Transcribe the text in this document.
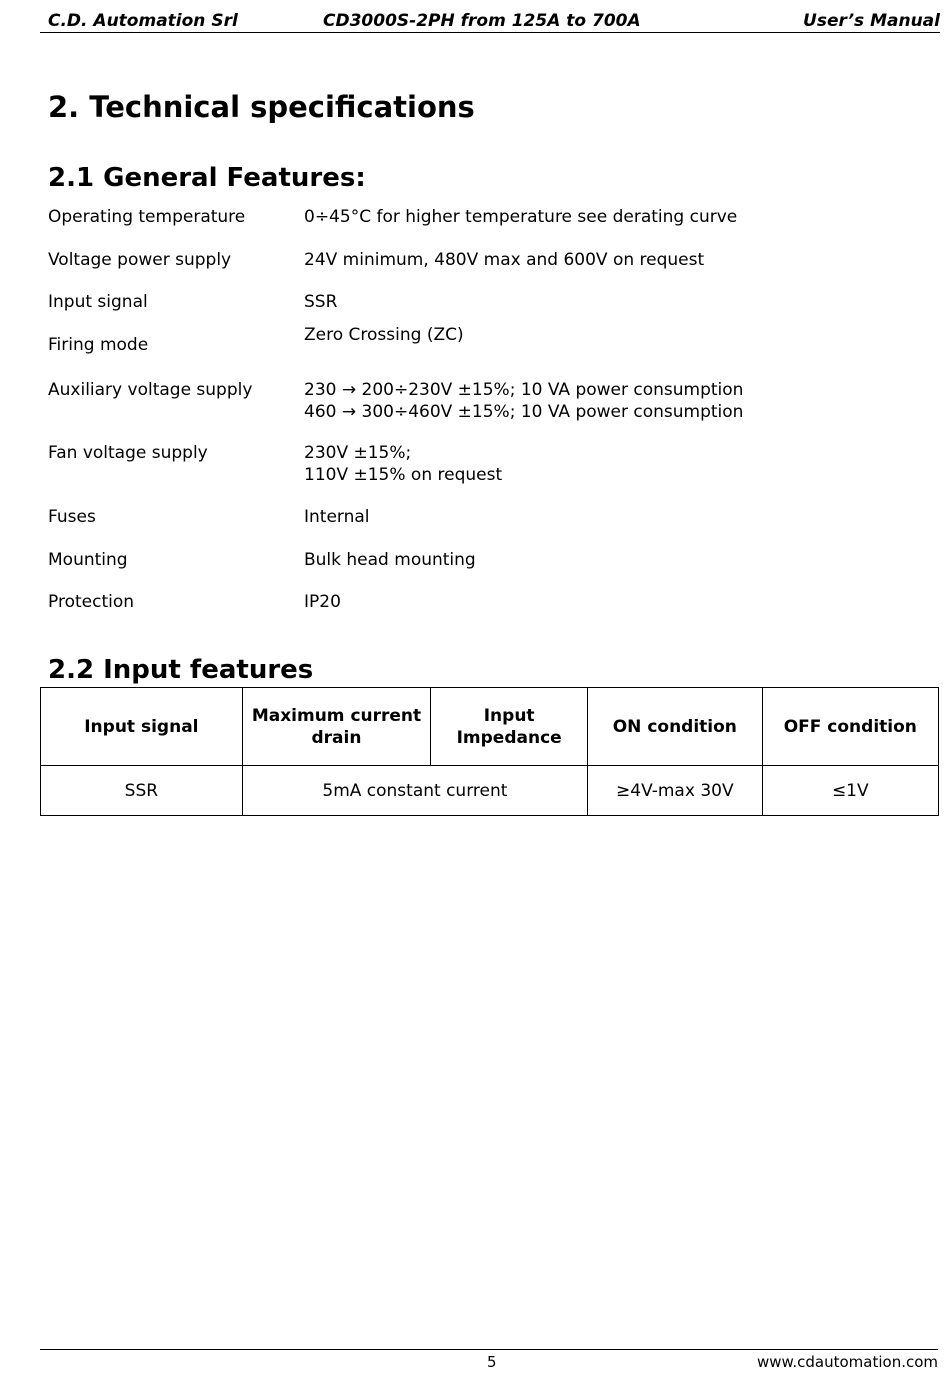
C.D. Automation Srl	CD3000S-2PH from 125A to 700A	User’s Manual
2. Technical specifications
2.1 General Features:
Operating temperature	0÷45°C for higher temperature see derating curve
Voltage power supply	24V minimum, 480V max and 600V on request
Input signal	SSR
Firing mode	Zero Crossing (ZC)
Auxiliary voltage supply	230 → 200÷230V ±15%; 10 VA power consumption
460 → 300÷460V ±15%; 10 VA power consumption
Fan voltage supply	230V ±15%;
110V ±15% on request
Fuses	Internal
Mounting	Bulk head mounting
Protection	IP20
2.2 Input features
Input signal	Maximum current drain	Input Impedance	ON condition	OFF condition
SSR	5mA constant current		≥4V-max 30V	≤1V
5	www.cdautomation.com
